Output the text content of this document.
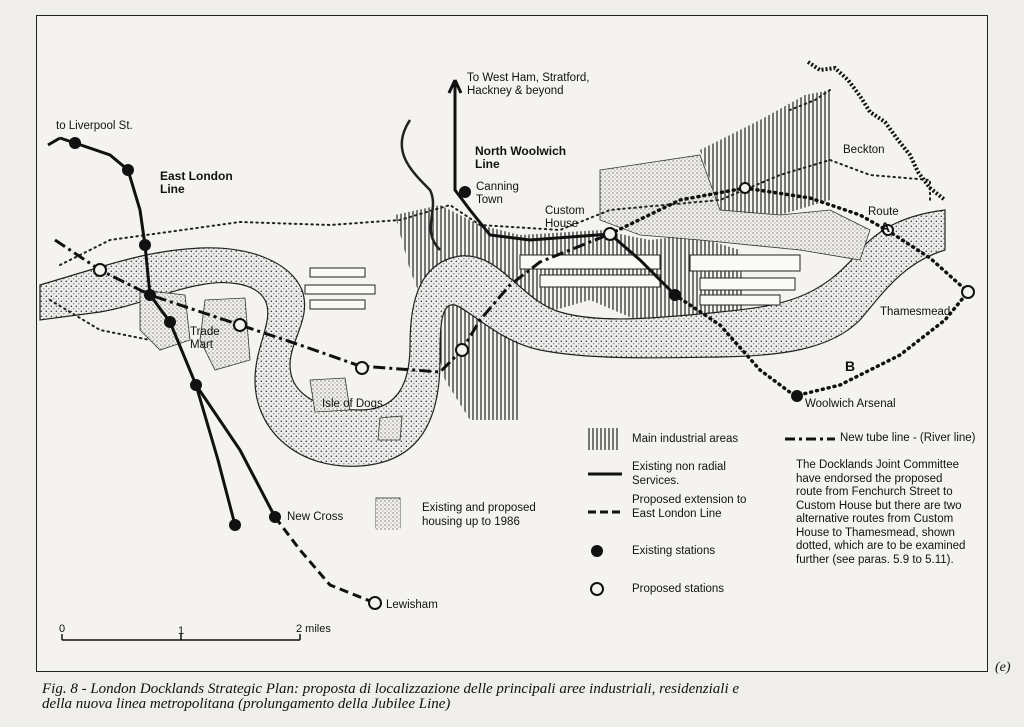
to Liverpool St.
East London Line
To West Ham, Stratford, Hackney & beyond
North Woolwich Line
Canning Town
Custom House
Beckton
Route
A
B
Thamesmead
Woolwich Arsenal
Trade Mart
Isle of Dogs
New Cross
Lewisham
0	1	2 miles
Main industrial areas
Existing non radial Services.
Proposed extension to East London Line
Existing stations
Proposed stations
Existing and proposed housing up to 1986
New tube line - (River line)
The Docklands Joint Committee have endorsed the proposed route from Fenchurch Street to Custom House but there are two alternative routes from Custom House to Thamesmead, shown dotted, which are to be examined further (see paras. 5.9 to 5.11).
(e)
Fig. 8 - London Docklands Strategic Plan: proposta di localizzazione delle principali aree industriali, residenziali e
della nuova linea metropolitana (prolungamento della Jubilee Line)
